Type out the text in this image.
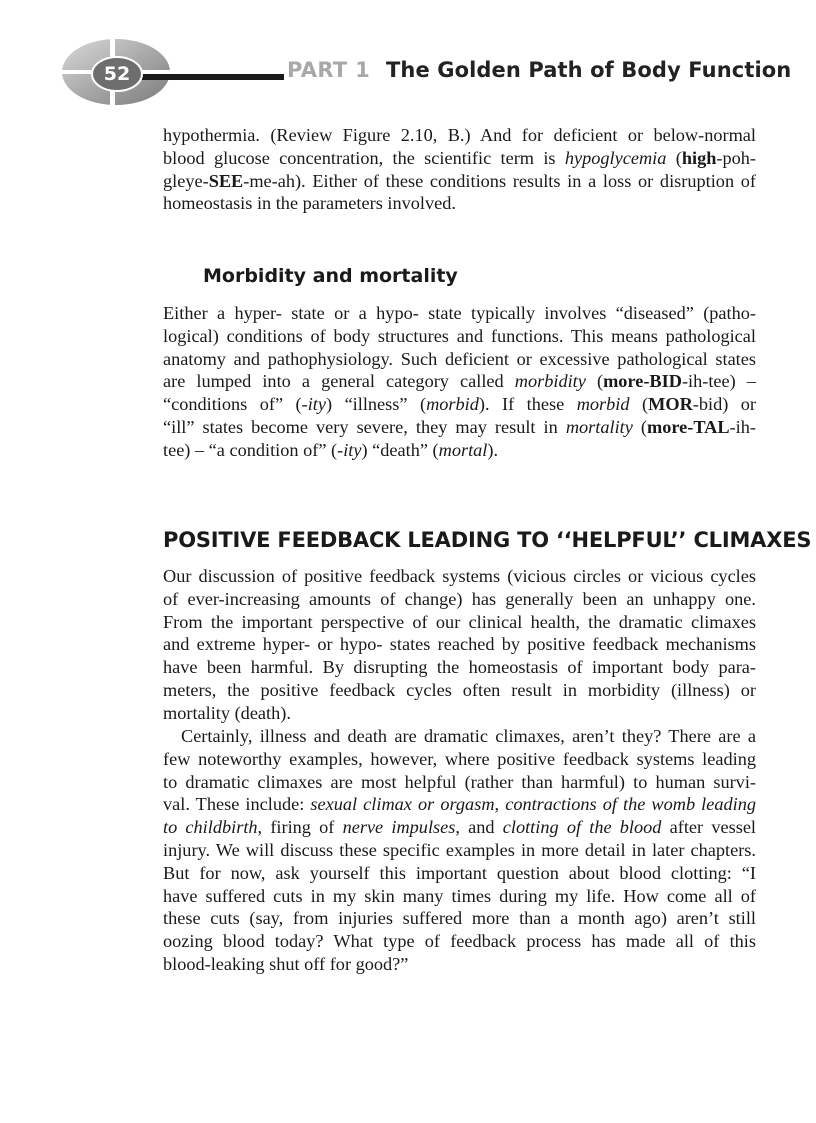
52	PART 1 The Golden Path of Body Function
hypothermia. (Review Figure 2.10, B.) And for deficient or below-normal
blood glucose concentration, the scientific term is hypoglycemia (high-poh-
gleye-SEE-me-ah). Either of these conditions results in a loss or disruption of
homeostasis in the parameters involved.
Morbidity and mortality
Either a hyper- state or a hypo- state typically involves “diseased” (patho-
logical) conditions of body structures and functions. This means pathological
anatomy and pathophysiology. Such deficient or excessive pathological states
are lumped into a general category called morbidity (more-BID-ih-tee) –
“conditions of” (-ity) “illness” (morbid). If these morbid (MOR-bid) or
“ill” states become very severe, they may result in mortality (more-TAL-ih-
tee) – “a condition of” (-ity) “death” (mortal).
POSITIVE FEEDBACK LEADING TO ‘‘HELPFUL’’ CLIMAXES
Our discussion of positive feedback systems (vicious circles or vicious cycles
of ever-increasing amounts of change) has generally been an unhappy one.
From the important perspective of our clinical health, the dramatic climaxes
and extreme hyper- or hypo- states reached by positive feedback mechanisms
have been harmful. By disrupting the homeostasis of important body para-
meters, the positive feedback cycles often result in morbidity (illness) or
mortality (death).
Certainly, illness and death are dramatic climaxes, aren’t they? There are a
few noteworthy examples, however, where positive feedback systems leading
to dramatic climaxes are most helpful (rather than harmful) to human survi-
val. These include: sexual climax or orgasm, contractions of the womb leading
to childbirth, firing of nerve impulses, and clotting of the blood after vessel
injury. We will discuss these specific examples in more detail in later chapters.
But for now, ask yourself this important question about blood clotting: “I
have suffered cuts in my skin many times during my life. How come all of
these cuts (say, from injuries suffered more than a month ago) aren’t still
oozing blood today? What type of feedback process has made all of this
blood-leaking shut off for good?”
